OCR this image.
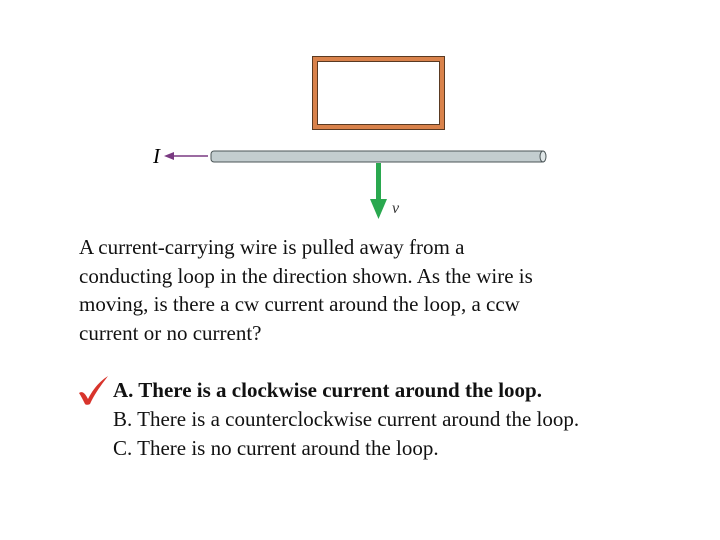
I
v

A current-carrying wire is pulled away from a conducting loop in the direction shown. As the wire is moving, is there a cw current around the loop, a ccw current or no current?

A. There is a clockwise current around the loop.
B. There is a counterclockwise current around the loop.
C. There is no current around the loop.
